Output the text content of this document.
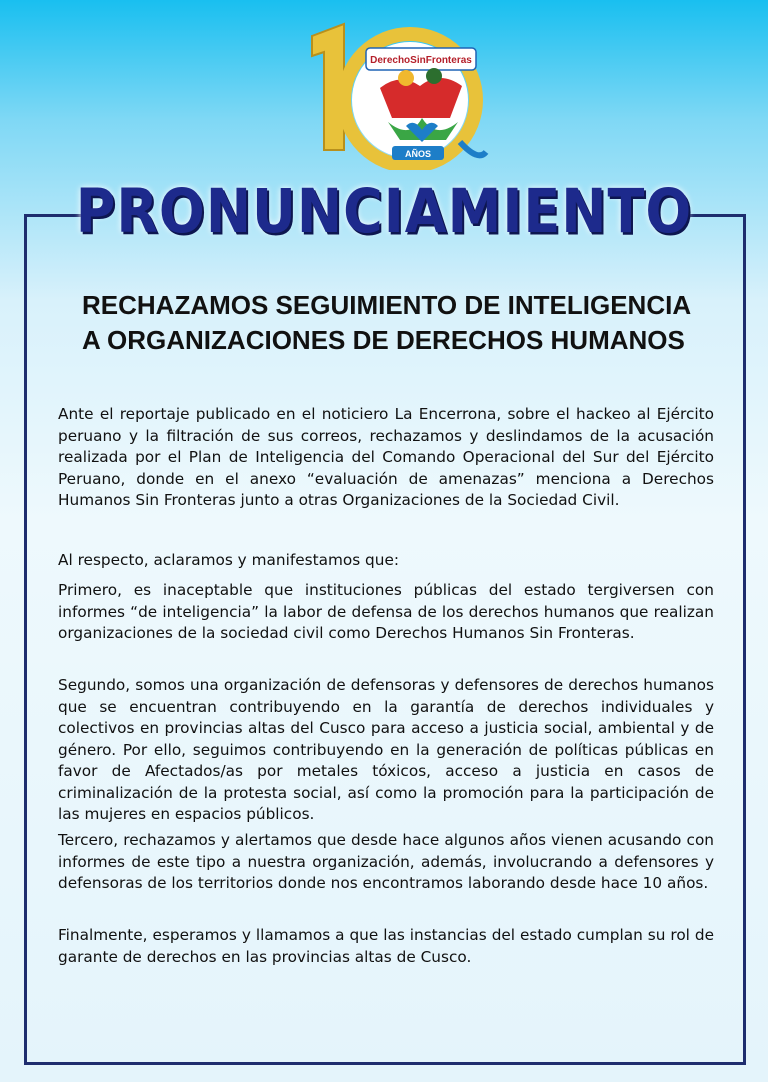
DerechoSinFronteras
AÑOS
PRONUNCIAMIENTO
RECHAZAMOS SEGUIMIENTO DE INTELIGENCIA
A ORGANIZACIONES DE DERECHOS HUMANOS

Ante el reportaje publicado en el noticiero La Encerrona, sobre el hackeo al Ejército peruano y la filtración de sus correos, rechazamos y deslindamos de la acusación realizada por el Plan de Inteligencia del Comando Operacional del Sur del Ejército Peruano, donde en el anexo “evaluación de amenazas” menciona a Derechos Humanos Sin Fronteras junto a otras Organizaciones de la Sociedad Civil.

Al respecto, aclaramos y manifestamos que:

Primero, es inaceptable que instituciones públicas del estado tergiversen con informes “de inteligencia” la labor de defensa de los derechos humanos que realizan organizaciones de la sociedad civil como Derechos Humanos Sin Fronteras.

Segundo, somos una organización de defensoras y defensores de derechos humanos que se encuentran contribuyendo en la garantía de derechos individuales y colectivos en provincias altas del Cusco para acceso a justicia social, ambiental y de género. Por ello, seguimos contribuyendo en la generación de políticas públicas en favor de Afectados/as por metales tóxicos, acceso a justicia en casos de criminalización de la protesta social, así como la promoción para la participación de las mujeres en espacios públicos.

Tercero, rechazamos y alertamos que desde hace algunos años vienen acusando con informes de este tipo a nuestra organización, además, involucrando a defensores y defensoras de los territorios donde nos encontramos laborando desde hace 10 años.

Finalmente, esperamos y llamamos a que las instancias del estado cumplan su rol de garante de derechos en las provincias altas de Cusco.
